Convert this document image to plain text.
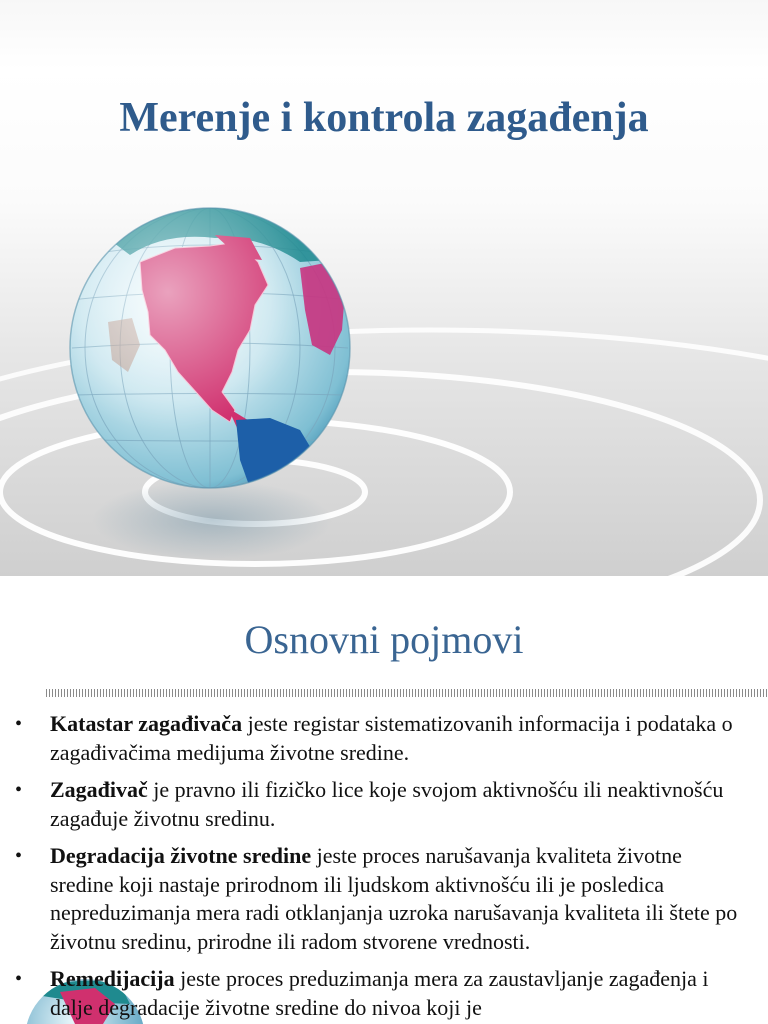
Merenje i kontrola zagađenja
Osnovni pojmovi
• Katastar zagađivača jeste registar sistematizovanih informacija i podataka o zagađivačima medijuma životne sredine.
• Zagađivač je pravno ili fizičko lice koje svojom aktivnošću ili neaktivnošću zagađuje životnu sredinu.
• Degradacija životne sredine jeste proces narušavanja kvaliteta životne sredine koji nastaje prirodnom ili ljudskom aktivnošću ili je posledica nepreduzimanja mera radi otklanjanja uzroka narušavanja kvaliteta ili štete po životnu sredinu, prirodne ili radom stvorene vrednosti.
• Remedijacija jeste proces preduzimanja mera za zaustavljanje zagađenja i dalje degradacije životne sredine do nivoa koji je
